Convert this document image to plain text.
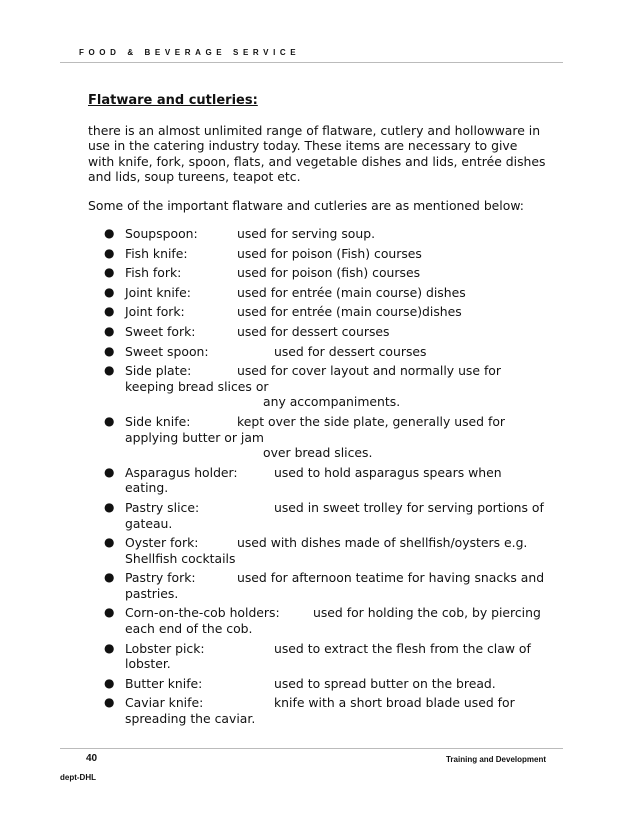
FOOD & BEVERAGE SERVICE
Flatware and cutleries:
there is an almost unlimited range of flatware, cutlery and hollowware in
use in the catering industry today. These items are necessary to give
with knife, fork, spoon, flats, and vegetable dishes and lids, entrée dishes
and lids, soup tureens, teapot etc.
Some of the important flatware and cutleries are as mentioned below:
● Soupspoon:	used for serving soup.
● Fish knife:	used for poison (Fish) courses
● Fish fork:	used for poison (fish) courses
● Joint knife:	used for entrée (main course) dishes
● Joint fork:	used for entrée (main course)dishes
● Sweet fork:	used for dessert courses
● Sweet spoon:	used for dessert courses
● Side plate:	used for cover layout and normally use for
keeping bread slices or
any accompaniments.
● Side knife:	kept over the side plate, generally used for
applying butter or jam
over bread slices.
● Asparagus holder:	used to hold asparagus spears when
eating.
● Pastry slice:	used in sweet trolley for serving portions of
gateau.
● Oyster fork:	used with dishes made of shellfish/oysters e.g.
Shellfish cocktails
● Pastry fork:	used for afternoon teatime for having snacks and
pastries.
● Corn-on-the-cob holders:	used for holding the cob, by piercing
each end of the cob.
● Lobster pick:	used to extract the flesh from the claw of
lobster.
● Butter knife:	used to spread butter on the bread.
● Caviar knife:	knife with a short broad blade used for
spreading the caviar.
40	Training and Development
dept-DHL
